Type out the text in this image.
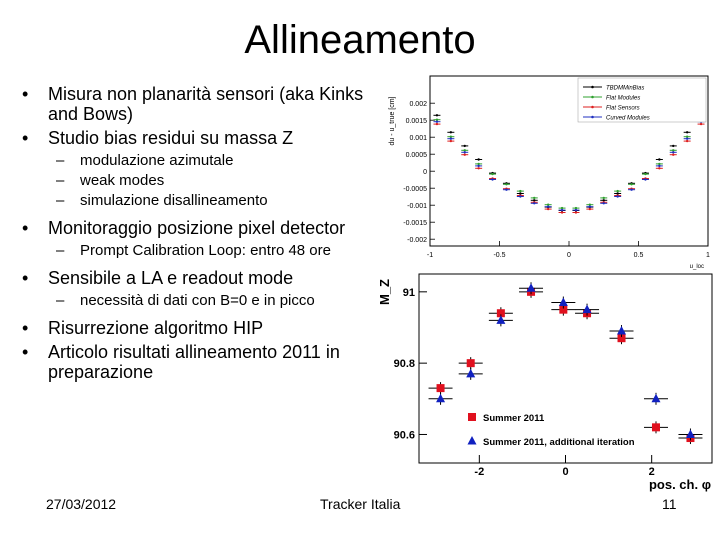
Allineamento
• Misura non planarità sensori (aka Kinks and Bows)
• Studio bias residui su massa Z
– modulazione azimutale
– weak modes
– simulazione disallineamento
• Monitoraggio posizione pixel detector
– Prompt Calibration Loop: entro 48 ore
• Sensibile a LA e readout mode
– necessità di dati con B=0 e in picco
• Risurrezione algoritmo HIP
• Articolo risultati allineamento 2011 in preparazione
0.002
0.0015
0.001
0.0005
0
-0.0005
-0.001
-0.0015
-0.002
-1	-0.5	0	0.5	1
u_loc
du - u_true [cm]
TBDMMinBias
Flat Modules
Flat Sensors
Curved Modules
91
90.8
90.6
-2	0	2
pos. ch. φ
M_Z
Summer 2011
Summer 2011, additional iteration
27/03/2012	Tracker Italia	11
